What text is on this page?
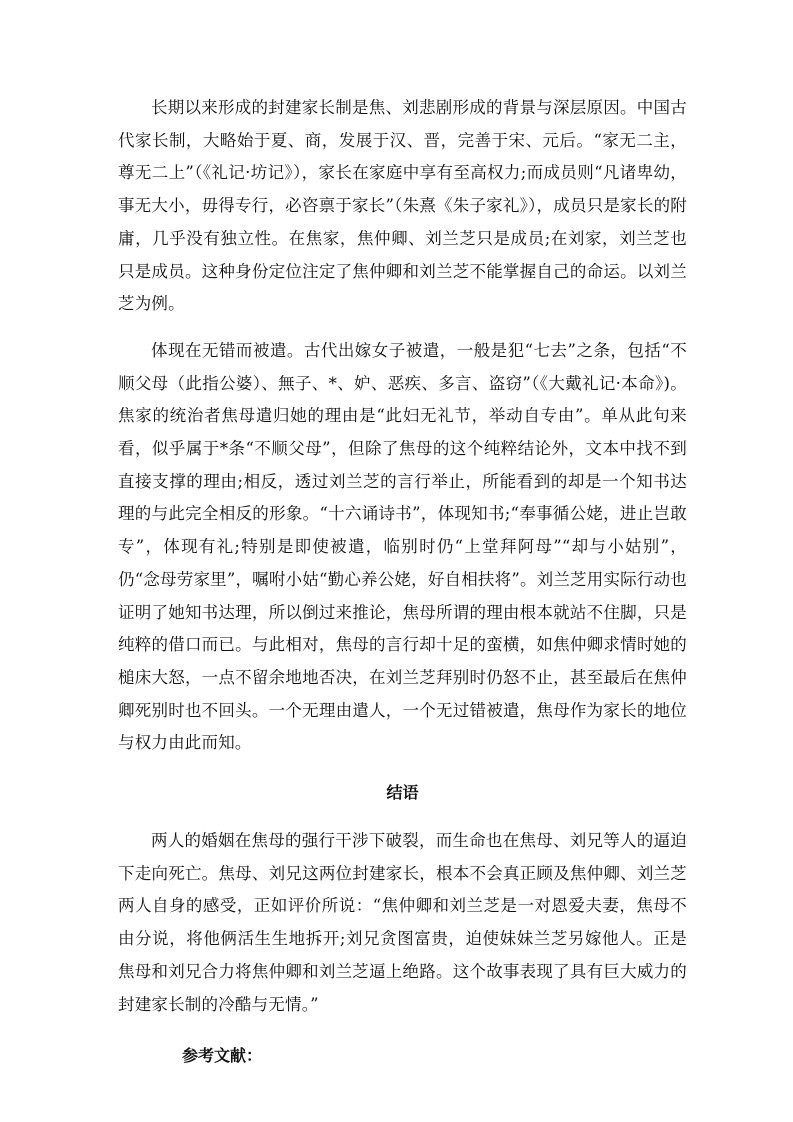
长期以来形成的封建家长制是焦、刘悲剧形成的背景与深层原因。中国古代家长制，大略始于夏、商，发展于汉、晋，完善于宋、元后。“家无二主，尊无二上”（《礼记·坊记》），家长在家庭中享有至高权力;而成员则“凡诸卑幼，事无大小，毋得专行，必咨禀于家长”（朱熹《朱子家礼》），成员只是家长的附庸，几乎没有独立性。在焦家，焦仲卿、刘兰芝只是成员;在刘家，刘兰芝也只是成员。这种身份定位注定了焦仲卿和刘兰芝不能掌握自己的命运。以刘兰芝为例。

体现在无错而被遣。古代出嫁女子被遣，一般是犯“七去”之条，包括“不顺父母（此指公婆）、無子、*、妒、恶疾、多言、盗窃”（《大戴礼记·本命》)。焦家的统治者焦母遣归她的理由是“此妇无礼节，举动自专由”。单从此句来看，似乎属于*条“不顺父母”，但除了焦母的这个纯粹结论外，文本中找不到直接支撑的理由;相反，透过刘兰芝的言行举止，所能看到的却是一个知书达理的与此完全相反的形象。“十六诵诗书”，体现知书;“奉事循公姥，进止岂敢专”，体现有礼;特别是即使被遣，临别时仍“上堂拜阿母”“却与小姑别”，仍“念母劳家里”，嘱咐小姑“勤心养公姥，好自相扶将”。刘兰芝用实际行动也证明了她知书达理，所以倒过来推论，焦母所谓的理由根本就站不住脚，只是纯粹的借口而已。与此相对，焦母的言行却十足的蛮横，如焦仲卿求情时她的槌床大怒，一点不留余地地否决，在刘兰芝拜别时仍怒不止，甚至最后在焦仲卿死别时也不回头。一个无理由遣人，一个无过错被遣，焦母作为家长的地位与权力由此而知。

结语

两人的婚姻在焦母的强行干涉下破裂，而生命也在焦母、刘兄等人的逼迫下走向死亡。焦母、刘兄这两位封建家长，根本不会真正顾及焦仲卿、刘兰芝两人自身的感受，正如评价所说：“焦仲卿和刘兰芝是一对恩爱夫妻，焦母不由分说，将他俩活生生地拆开;刘兄贪图富贵，迫使妹妹兰芝另嫁他人。正是焦母和刘兄合力将焦仲卿和刘兰芝逼上绝路。这个故事表现了具有巨大威力的封建家长制的冷酷与无情。”

参考文献：
